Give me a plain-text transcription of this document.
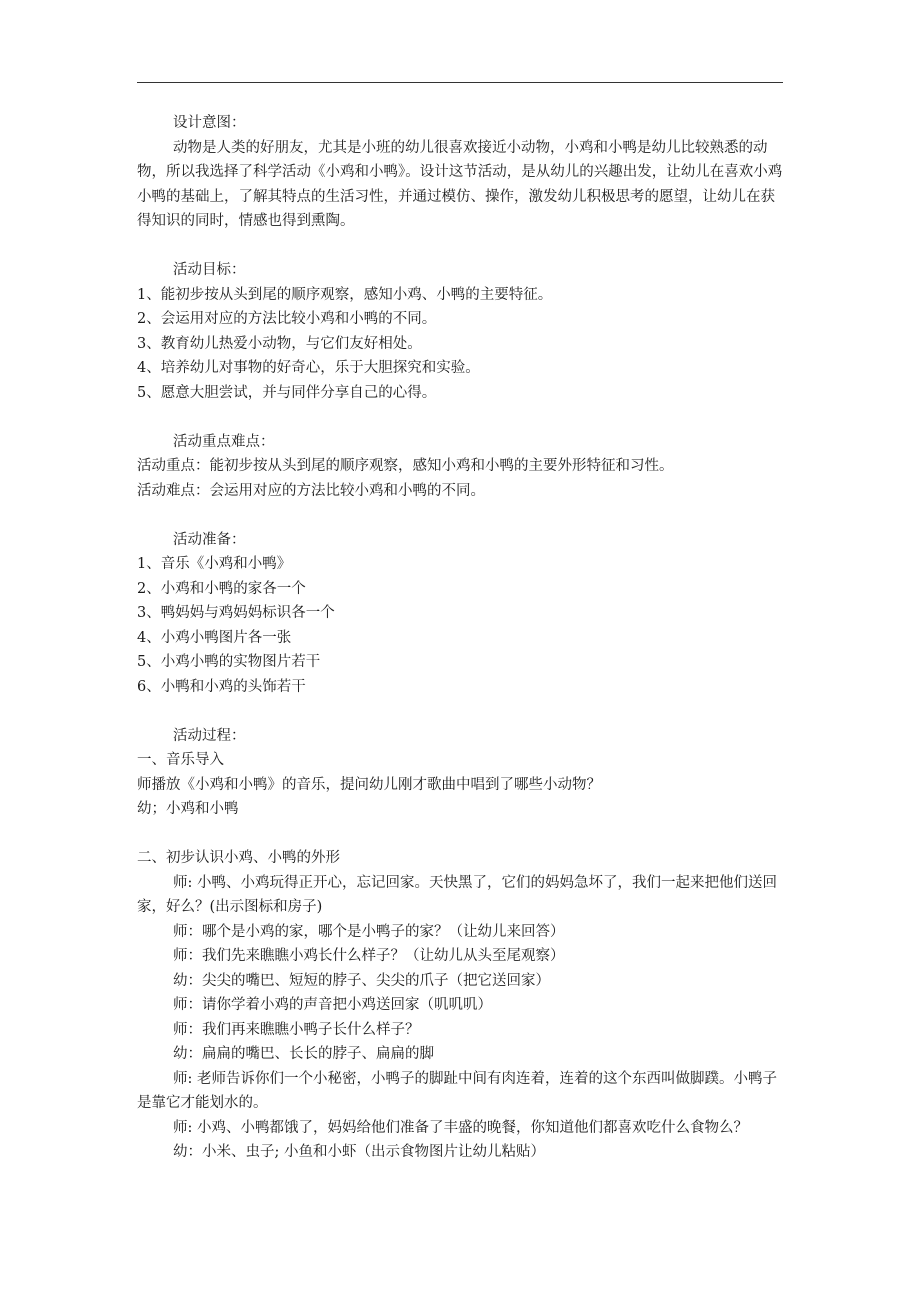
设计意图：

动物是人类的好朋友，尤其是小班的幼儿很喜欢接近小动物，小鸡和小鸭是幼儿比较熟悉的动物，所以我选择了科学活动《小鸡和小鸭》。设计这节活动，是从幼儿的兴趣出发，让幼儿在喜欢小鸡小鸭的基础上，了解其特点的生活习性，并通过模仿、操作，激发幼儿积极思考的愿望，让幼儿在获得知识的同时，情感也得到熏陶。

活动目标：

1、能初步按从头到尾的顺序观察，感知小鸡、小鸭的主要特征。

2、会运用对应的方法比较小鸡和小鸭的不同。

3、教育幼儿热爱小动物，与它们友好相处。

4、培养幼儿对事物的好奇心，乐于大胆探究和实验。

5、愿意大胆尝试，并与同伴分享自己的心得。

活动重点难点：

活动重点：能初步按从头到尾的顺序观察，感知小鸡和小鸭的主要外形特征和习性。

活动难点：会运用对应的方法比较小鸡和小鸭的不同。

活动准备：

1、音乐《小鸡和小鸭》

2、小鸡和小鸭的家各一个

3、鸭妈妈与鸡妈妈标识各一个

4、小鸡小鸭图片各一张

5、小鸡小鸭的实物图片若干

6、小鸭和小鸡的头饰若干

活动过程：

一、音乐导入

师播放《小鸡和小鸭》的音乐，提问幼儿刚才歌曲中唱到了哪些小动物？

幼；小鸡和小鸭

二、初步认识小鸡、小鸭的外形

师: 小鸭、小鸡玩得正开心，忘记回家。天快黑了，它们的妈妈急坏了，我们一起来把他们送回家，好么？(出示图标和房子)

师：哪个是小鸡的家，哪个是小鸭子的家？（让幼儿来回答）

师：我们先来瞧瞧小鸡长什么样子？（让幼儿从头至尾观察）

幼：尖尖的嘴巴、短短的脖子、尖尖的爪子（把它送回家）

师：请你学着小鸡的声音把小鸡送回家（叽叽叽）

师：我们再来瞧瞧小鸭子长什么样子？

幼：扁扁的嘴巴、长长的脖子、扁扁的脚

师: 老师告诉你们一个小秘密，小鸭子的脚趾中间有肉连着，连着的这个东西叫做脚蹼。小鸭子是靠它才能划水的。

师: 小鸡、小鸭都饿了，妈妈给他们准备了丰盛的晚餐，你知道他们都喜欢吃什么食物么？

幼：小米、虫子; 小鱼和小虾（出示食物图片让幼儿粘贴）
